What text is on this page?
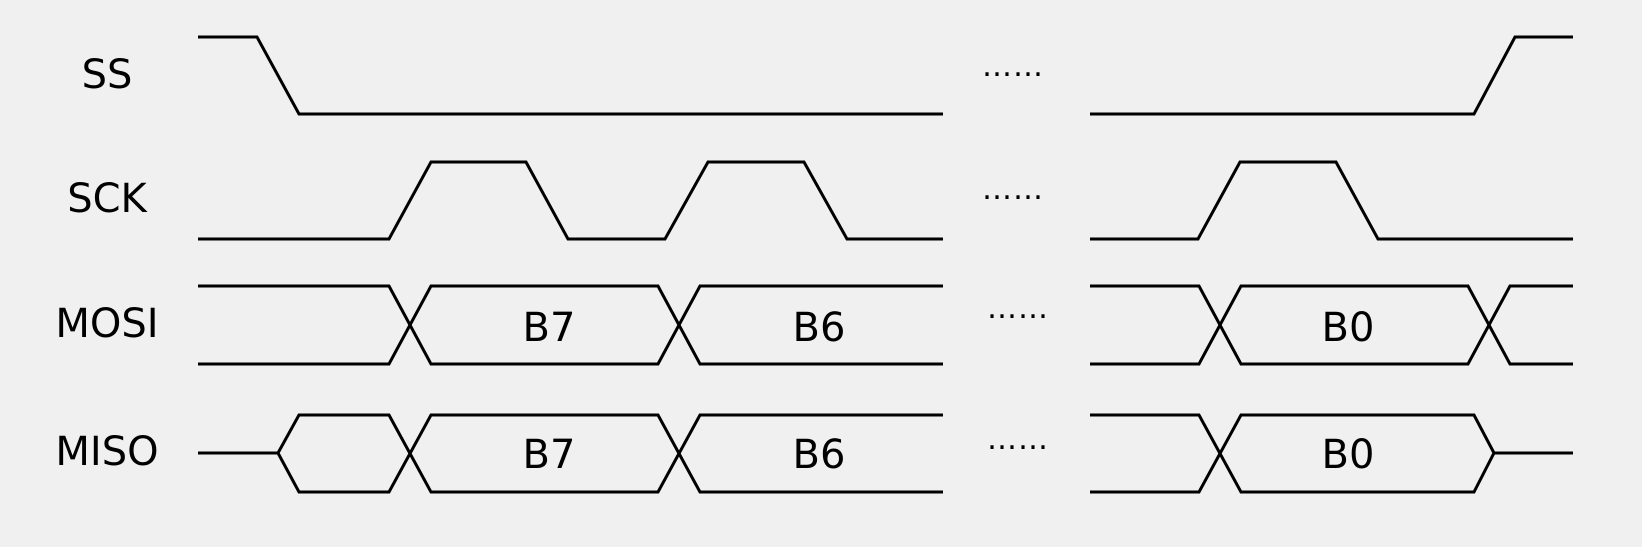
SS
SCK
MOSI
MISO
B7	B6	B0
B7	B6	B0
……
……
……
……
